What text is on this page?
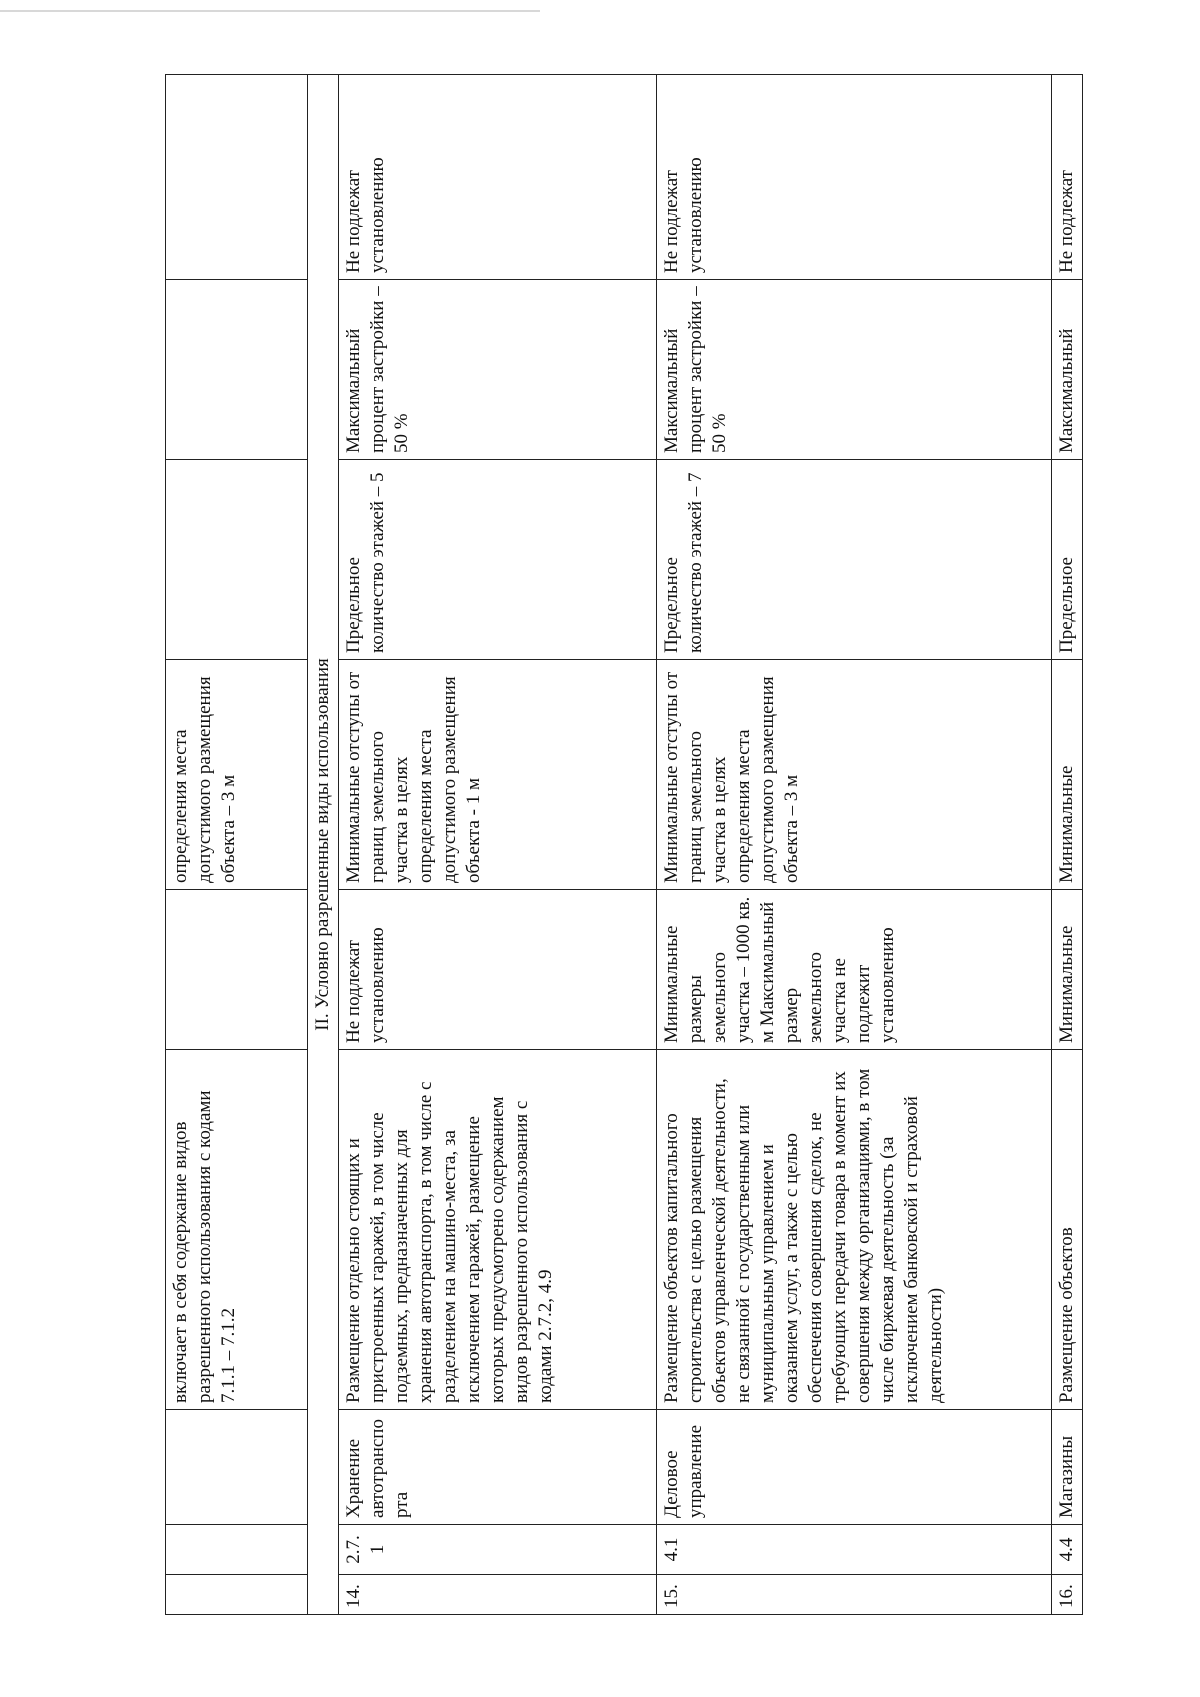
			включает в себя содержание видов разрешенного использования с кодами 7.1.1 – 7.1.2		определения места допустимого размещения объекта – 3 м			
II. Условно разрешенные виды использования								
14.	2.7.1	Хранение автотранспорта	Размещение отдельно стоящих и пристроенных гаражей, в том числе подземных, предназначенных для хранения автотранспорта, в том числе с разделением на машино-места, за исключением гаражей, размещение которых предусмотрено содержанием видов разрешенного использования с кодами 2.7.2, 4.9	Не подлежат установлению	Минимальные отступы от границ земельного участка в целях определения места допустимого размещения объекта - 1 м	Предельное количество этажей – 5	Максимальный процент застройки – 50 %	Не подлежат установлению
15.	4.1	Деловое управление	Размещение объектов капитального строительства с целью размещения объектов управленческой деятельности, не связанной с государственным или муниципальным управлением и оказанием услуг, а также с целью обеспечения совершения сделок, не требующих передачи товара в момент их совершения между организациями, в том числе биржевая деятельность (за исключением банковской и страховой деятельности)	Минимальные размеры земельного участка – 1000 кв. м Максимальный размер земельного участка не подлежит установлению	Минимальные отступы от границ земельного участка в целях определения места допустимого размещения объекта – 3 м	Предельное количество этажей – 7	Максимальный процент застройки – 50 %	Не подлежат установлению
16.	4.4	Магазины	Размещение объектов	Минимальные	Минимальные	Предельное	Максимальный	Не подлежат
